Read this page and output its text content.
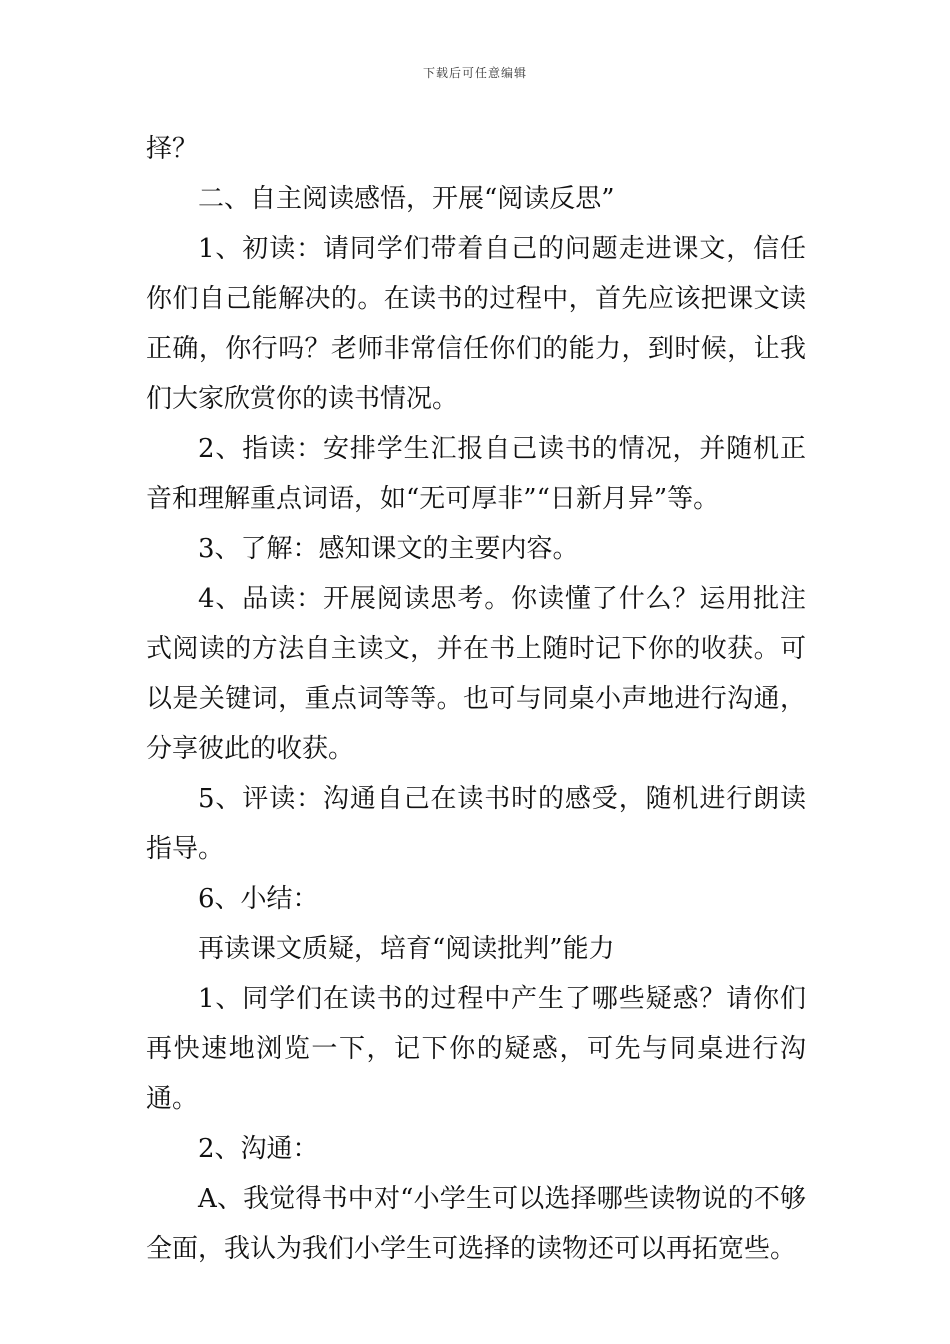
下载后可任意编辑

择？

二、自主阅读感悟，开展“阅读反思”

1、初读：请同学们带着自己的问题走进课文，信任你们自己能解决的。在读书的过程中，首先应该把课文读正确，你行吗？老师非常信任你们的能力，到时候，让我们大家欣赏你的读书情况。

2、指读：安排学生汇报自己读书的情况，并随机正音和理解重点词语，如“无可厚非”“日新月异”等。

3、了解：感知课文的主要内容。

4、品读：开展阅读思考。你读懂了什么？运用批注式阅读的方法自主读文，并在书上随时记下你的收获。可以是关键词，重点词等等。也可与同桌小声地进行沟通，分享彼此的收获。

5、评读：沟通自己在读书时的感受，随机进行朗读指导。

6、小结：

再读课文质疑，培育“阅读批判”能力

1、同学们在读书的过程中产生了哪些疑惑？请你们再快速地浏览一下，记下你的疑惑，可先与同桌进行沟通。

2、沟通：

A、我觉得书中对“小学生可以选择哪些读物说的不够全面，我认为我们小学生可选择的读物还可以再拓宽些。
